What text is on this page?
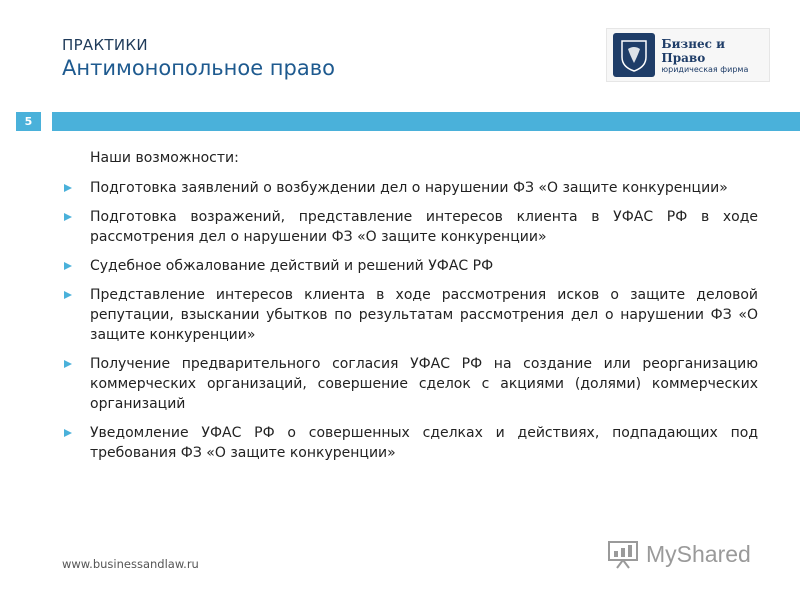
ПРАКТИКИ
Антимонопольное право
Бизнес и Право
юридическая фирма
5
Наши возможности:
Подготовка заявлений о возбуждении дел о нарушении ФЗ «О защите конкуренции»
Подготовка возражений, представление интересов клиента в УФАС РФ в ходе рассмотрения дел о нарушении ФЗ «О защите конкуренции»
Судебное обжалование действий и решений УФАС РФ
Представление интересов клиента в ходе рассмотрения исков о защите деловой репутации, взыскании убытков по результатам рассмотрения дел о нарушении ФЗ «О защите конкуренции»
Получение предварительного согласия УФАС РФ на создание или реорганизацию коммерческих организаций, совершение сделок с акциями (долями) коммерческих организаций
Уведомление УФАС РФ о совершенных сделках и действиях, подпадающих под требования ФЗ «О защите конкуренции»
www.businessandlaw.ru	MyShared
